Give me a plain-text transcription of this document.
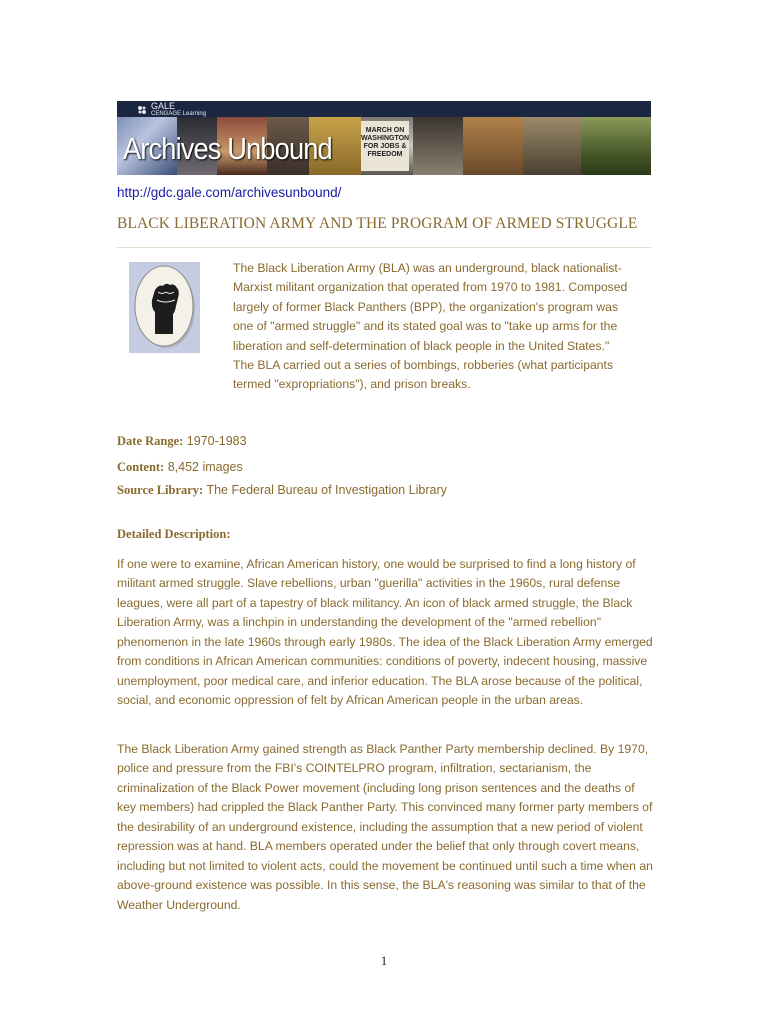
GALE
CENGAGE Learning
MARCH ON WASHINGTON FOR JOBS & FREEDOM
Archives Unbound
http://gdc.gale.com/archivesunbound/
BLACK LIBERATION ARMY AND THE PROGRAM OF ARMED STRUGGLE

The Black Liberation Army (BLA) was an underground, black nationalist-Marxist militant organization that operated from 1970 to 1981. Composed largely of former Black Panthers (BPP), the organization's program was one of "armed struggle" and its stated goal was to "take up arms for the liberation and self-determination of black people in the United States." The BLA carried out a series of bombings, robberies (what participants termed "expropriations"), and prison breaks.

Date Range: 1970-1983
Content: 8,452 images
Source Library: The Federal Bureau of Investigation Library
Detailed Description:

If one were to examine, African American history, one would be surprised to find a long history of militant armed struggle. Slave rebellions, urban "guerilla" activities in the 1960s, rural defense leagues, were all part of a tapestry of black militancy. An icon of black armed struggle, the Black Liberation Army, was a linchpin in understanding the development of the "armed rebellion" phenomenon in the late 1960s through early 1980s. The idea of the Black Liberation Army emerged from conditions in African American communities: conditions of poverty, indecent housing, massive unemployment, poor medical care, and inferior education. The BLA arose because of the political, social, and economic oppression of felt by African American people in the urban areas.

The Black Liberation Army gained strength as Black Panther Party membership declined. By 1970, police and pressure from the FBI's COINTELPRO program, infiltration, sectarianism, the criminalization of the Black Power movement (including long prison sentences and the deaths of key members) had crippled the Black Panther Party. This convinced many former party members of the desirability of an underground existence, including the assumption that a new period of violent repression was at hand. BLA members operated under the belief that only through covert means, including but not limited to violent acts, could the movement be continued until such a time when an above-ground existence was possible. In this sense, the BLA's reasoning was similar to that of the Weather Underground.

1
